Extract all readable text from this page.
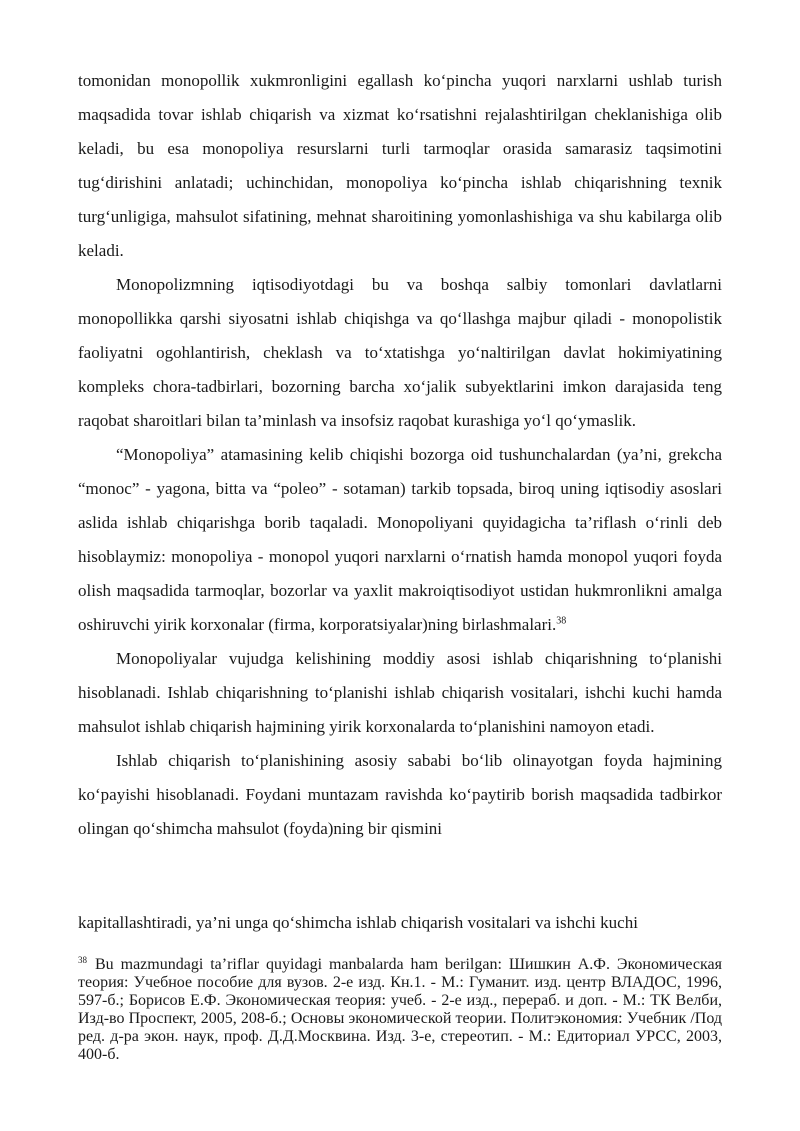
tomonidan monopollik xukmronligini egallash ko‘pincha yuqori narxlarni ushlab turish maqsadida tovar ishlab chiqarish va xizmat ko‘rsatishni rejalashtirilgan cheklanishiga olib keladi, bu esa monopoliya resurslarni turli tarmoqlar orasida samarasiz taqsimotini tug‘dirishini anlatadi; uchinchidan, monopoliya ko‘pincha ishlab chiqarishning texnik turg‘unligiga, mahsulot sifatining, mehnat sharoitining yomonlashishiga va shu kabilarga olib keladi.

Monopolizmning iqtisodiyotdagi bu va boshqa salbiy tomonlari davlatlarni monopollikka qarshi siyosatni ishlab chiqishga va qo‘llashga majbur qiladi - monopolistik faoliyatni ogohlantirish, cheklash va to‘xtatishga yo‘naltirilgan davlat hokimiyatining kompleks chora-tadbirlari, bozorning barcha xo‘jalik subyektlarini imkon darajasida teng raqobat sharoitlari bilan ta’minlash va insofsiz raqobat kurashiga yo‘l qo‘ymaslik.

“Monopoliya” atamasining kelib chiqishi bozorga oid tushunchalardan (ya’ni, grekcha “monoc” - yagona, bitta va “poleo” - sotaman) tarkib topsada, biroq uning iqtisodiy asoslari aslida ishlab chiqarishga borib taqaladi. Monopoliyani quyidagicha ta’riflash o‘rinli deb hisoblaymiz: monopoliya - monopol yuqori narxlarni o‘rnatish hamda monopol yuqori foyda olish maqsadida tarmoqlar, bozorlar va yaxlit makroiqtisodiyot ustidan hukmronlikni amalga oshiruvchi yirik korxonalar (firma, korporatsiyalar)ning birlashmalari.$^{38}$

Monopoliyalar vujudga kelishining moddiy asosi ishlab chiqarishning to‘planishi hisoblanadi. Ishlab chiqarishning to‘planishi ishlab chiqarish vositalari, ishchi kuchi hamda mahsulot ishlab chiqarish hajmining yirik korxonalarda to‘planishini namoyon etadi.

Ishlab chiqarish to‘planishining asosiy sababi bo‘lib olinayotgan foyda hajmining ko‘payishi hisoblanadi. Foydani muntazam ravishda ko‘paytirib borish maqsadida tadbirkor olingan qo‘shimcha mahsulot (foyda)ning bir qismini

kapitallashtiradi, ya’ni unga qo‘shimcha ishlab chiqarish vositalari va ishchi kuchi
$^{38}$ Bu mazmundagi ta’riflar quyidagi manbalarda ham berilgan: Шишкин А.Ф. Экономическая теория: Учебное пособие для вузов. 2-е изд. Кн.1. - М.: Гуманит. изд. центр ВЛАДОС, 1996, 597-б.; Борисов Е.Ф. Экономическая теория: учеб. - 2-е изд., перераб. и доп. - М.: ТК Велби, Изд-во Проспект, 2005, 208-б.; Основы экономической теории. Политэкономия: Учебник /Под ред. д-ра экон. наук, проф. Д.Д.Москвина. Изд. 3-е, стереотип. - М.: Едиториал УРСС, 2003, 400-б.
